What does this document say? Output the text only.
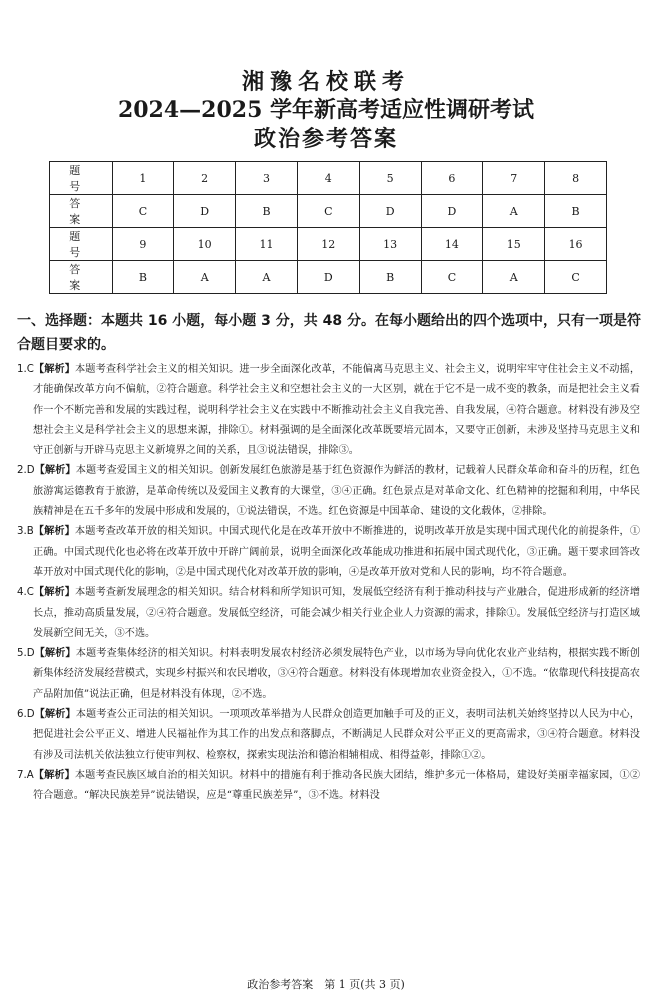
湘豫名校联考
2024—2025 学年新高考适应性调研考试
政治参考答案
题　号	1	2	3	4	5	6	7	8
答　案	C	D	B	C	D	D	A	B
题　号	9	10	11	12	13	14	15	16
答　案	B	A	A	D	B	C	A	C
一、选择题：本题共 16 小题，每小题 3 分，共 48 分。在每小题给出的四个选项中，只有一项是符合题目要求的。

1.C【解析】本题考查科学社会主义的相关知识。进一步全面深化改革，不能偏离马克思主义、社会主义，说明牢牢守住社会主义不动摇，才能确保改革方向不偏航，②符合题意。科学社会主义和空想社会主义的一大区别，就在于它不是一成不变的教条，而是把社会主义看作一个不断完善和发展的实践过程，说明科学社会主义在实践中不断推动社会主义自我完善、自我发展，④符合题意。材料没有涉及空想社会主义是科学社会主义的思想来源，排除①。材料强调的是全面深化改革既要培元固本，又要守正创新，未涉及坚持马克思主义和守正创新与开辟马克思主义新境界之间的关系，且③说法错误，排除③。

2.D【解析】本题考查爱国主义的相关知识。创新发展红色旅游是基于红色资源作为鲜活的教材，记载着人民群众革命和奋斗的历程，红色旅游寓运德教育于旅游，是革命传统以及爱国主义教育的大课堂，③④正确。红色景点是对革命文化、红色精神的挖掘和利用，中华民族精神是在五千多年的发展中形成和发展的，①说法错误，不选。红色资源是中国革命、建设的文化载体，②排除。

3.B【解析】本题考查改革开放的相关知识。中国式现代化是在改革开放中不断推进的，说明改革开放是实现中国式现代化的前提条件，①正确。中国式现代化也必将在改革开放中开辟广阔前景，说明全面深化改革能成功推进和拓展中国式现代化，③正确。题干要求回答改革开放对中国式现代化的影响，②是中国式现代化对改革开放的影响，④是改革开放对党和人民的影响，均不符合题意。

4.C【解析】本题考查新发展理念的相关知识。结合材料和所学知识可知，发展低空经济有利于推动科技与产业融合，促进形成新的经济增长点，推动高质量发展，②④符合题意。发展低空经济，可能会减少相关行业企业人力资源的需求，排除①。发展低空经济与打造区域发展新空间无关，③不选。

5.D【解析】本题考查集体经济的相关知识。村料表明发展农村经济必须发展特色产业，以市场为导向优化农业产业结构，根据实践不断创新集体经济发展经营模式，实现乡村振兴和农民增收，③④符合题意。材料没有体现增加农业资金投入，①不选。“依靠现代科技提高农产品附加值”说法正确，但是材料没有体现，②不选。

6.D【解析】本题考查公正司法的相关知识。一项项改革举措为人民群众创造更加触手可及的正义，表明司法机关始终坚持以人民为中心，把促进社会公平正义、增进人民福祉作为其工作的出发点和落脚点，不断满足人民群众对公平正义的更高需求，③④符合题意。材料没有涉及司法机关依法独立行使审判权、检察权，探索实现法治和德治相辅相成、相得益彰，排除①②。

7.A【解析】本题考查民族区域自治的相关知识。材料中的措施有利于推动各民族大团结，维护多元一体格局，建设好美丽幸福家园，①②符合题意。“解决民族差异”说法错误，应是“尊重民族差异”，③不选。材料没

政治参考答案　第 1 页(共 3 页)
